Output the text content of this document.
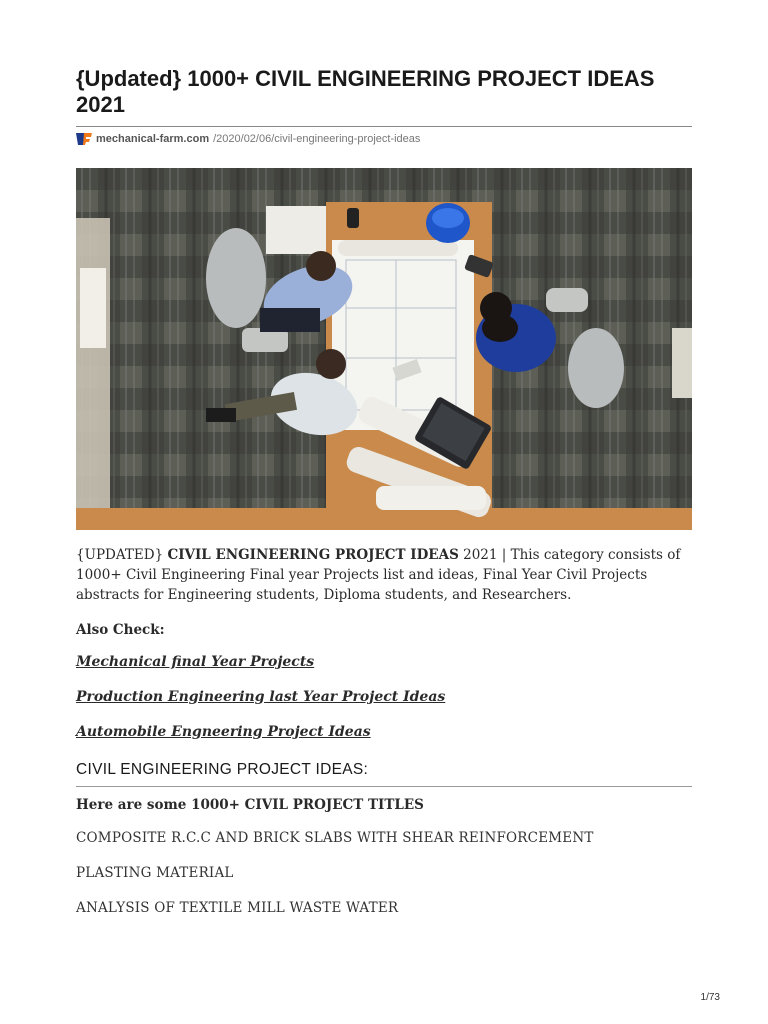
{Updated} 1000+ CIVIL ENGINEERING PROJECT IDEAS 2021
mechanical-farm.com /2020/02/06/civil-engineering-project-ideas
{UPDATED} CIVIL ENGINEERING PROJECT IDEAS 2021 | This category consists of 1000+ Civil Engineering Final year Projects list and ideas, Final Year Civil Projects abstracts for Engineering students, Diploma students, and Researchers.
Also Check:
Mechanical final Year Projects
Production Engineering last Year Project Ideas
Automobile Engneering Project Ideas
CIVIL ENGINEERING PROJECT IDEAS:
Here are some 1000+ CIVIL PROJECT TITLES
COMPOSITE R.C.C AND BRICK SLABS WITH SHEAR REINFORCEMENT
PLASTING MATERIAL
ANALYSIS OF TEXTILE MILL WASTE WATER
1/73
